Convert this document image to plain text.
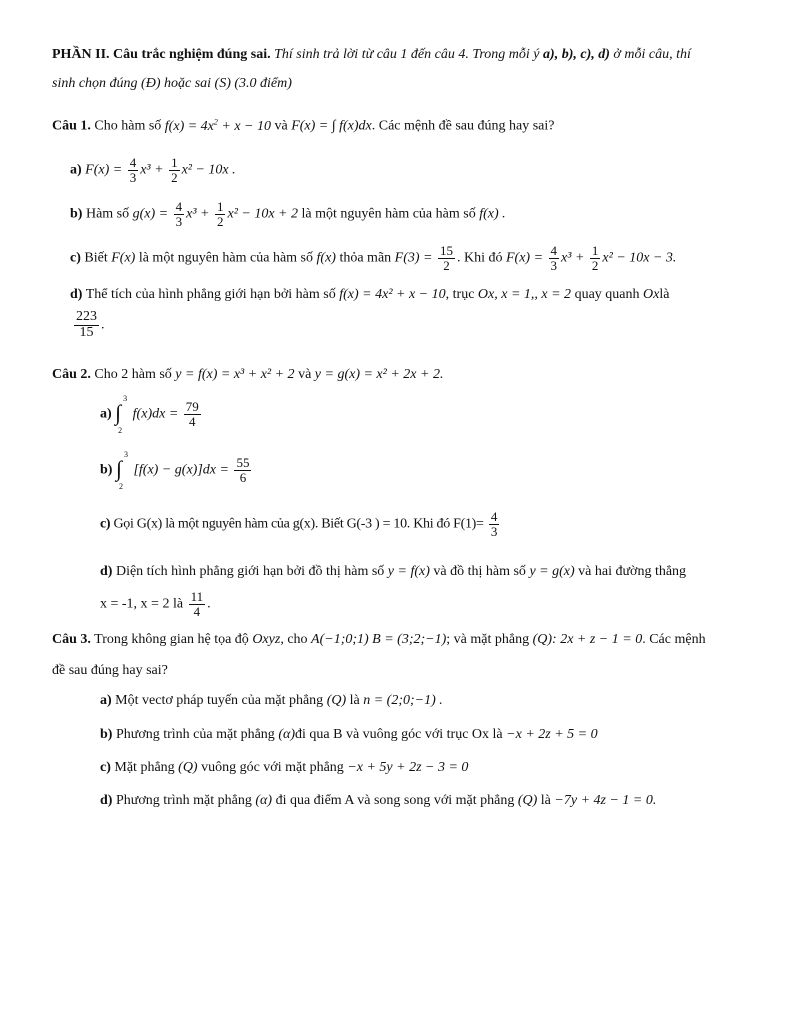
PHẦN II. Câu trắc nghiệm đúng sai. Thí sinh trả lời từ câu 1 đến câu 4. Trong mỗi ý a), b), c), d) ở mỗi câu, thí
sinh chọn đúng (Đ) hoặc sai (S) (3.0 điểm)
Câu 1. Cho hàm số $f(x) = 4x^2 + x - 10$ và F(x) = ∫ f(x)dx. Các mệnh đề sau đúng hay sai?
a) $F(x) = \frac{4}{3} x^3 + \frac{1}{2} x^2 - 10x$ .
b) Hàm số $g(x) = \frac{4}{3} x^3 + \frac{1}{2} x^2 - 10x + 2$ là một nguyên hàm của hàm số f(x) .
c) Biết F(x) là một nguyên hàm của hàm số f(x) thỏa mãn $F(3) = \frac{15}{2}$ . Khi đó $F(x) = \frac{4}{3} x^3 + \frac{1}{2} x^2 - 10x - 3$.
d) Thể tích của hình phẳng giới hạn bởi hàm số f(x) = 4x² + x − 10, trục Ox, x = 1,, x = 2 quay quanh Oxlà
$\frac{223}{15}$ .
Câu 2. Cho 2 hàm số y = f(x) = x³ + x² + 2 và y = g(x) = x² + 2x + 2.
a)
3
∫
2
$f(x)dx = \frac{79}{4}$
b)
3
∫
2
$[f(x) - g(x)]dx = \frac{55}{6}$
c) Gọi G(x) là một nguyên hàm của g(x). Biết G(-3 ) = 10. Khi đó $F(1)= \frac{4}{3}$
d) Diện tích hình phẳng giới hạn bởi đồ thị hàm số y = f(x) và đồ thị hàm số y = g(x) và hai đường thẳng
x = -1, x = 2 là $\frac{11}{4}$ .
Câu 3. Trong không gian hệ tọa độ Oxyz, cho A(−1;0;1) B = (3;2;−1); và mặt phẳng (Q): 2x + z − 1 = 0. Các mệnh
đề sau đúng hay sai?
a) Một vectơ pháp tuyến của mặt phẳng (Q) là n = (2;0;−1) .
b) Phương trình của mặt phẳng (α)đi qua B và vuông góc với trục Ox là −x + 2z + 5 = 0
c) Mặt phẳng (Q) vuông góc với mặt phẳng −x + 5y + 2z − 3 = 0
d) Phương trình mặt phẳng (α) đi qua điểm A và song song với mặt phẳng (Q) là −7y + 4z − 1 = 0.
